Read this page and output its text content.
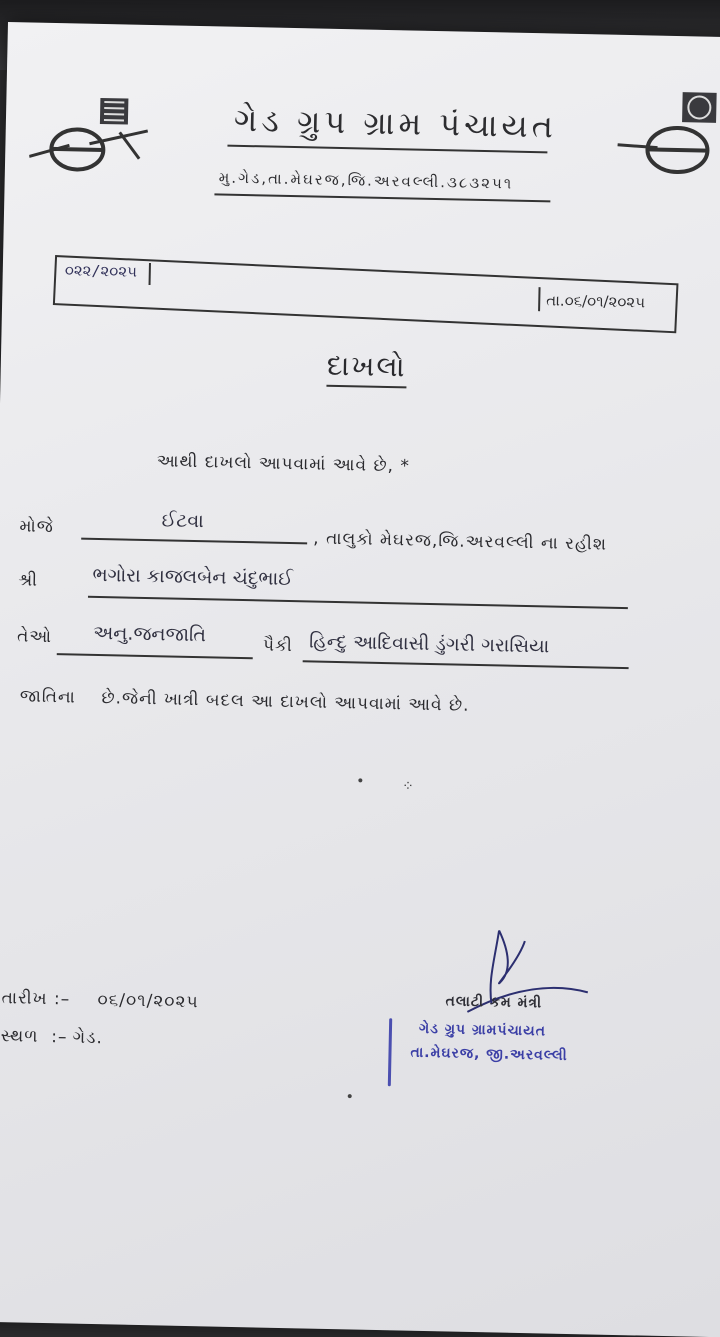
ગેડ ગ્રુપ ગ્રામ પંચાયત
મુ.ગેડ,તા.મેઘરજ,જિ.અરવલ્લી.૩૮૩૨૫૧
૦૨૨/૨૦૨૫
તા.૦૬/૦૧/૨૦૨૫
દાખલો
આથી દાખલો આપવામાં આવે છે, *
મોજે	ઈટવા
, તાલુકો મેઘરજ,જિ.અરવલ્લી ના રહીશ
શ્રી	ભગોરા કાજલબેન ચંદુભાઈ
તેઓ અનુ.જનજાતિ	પૈકી હિન્દુ આદિવાસી ડુંગરી ગરાસિયા
જાતિના    છે.જેની ખાત્રી બદલ આ દાખલો આપવામાં આવે છે.
•	⁘
•
તારીખ :– ૦૬/૦૧/૨૦૨૫
સ્થળ  :– ગેડ.
તલાટી કમ મંત્રી
ગેડ ગ્રુપ ગ્રામપંચાયત
તા.મેઘરજ, જી.અરવલ્લી
